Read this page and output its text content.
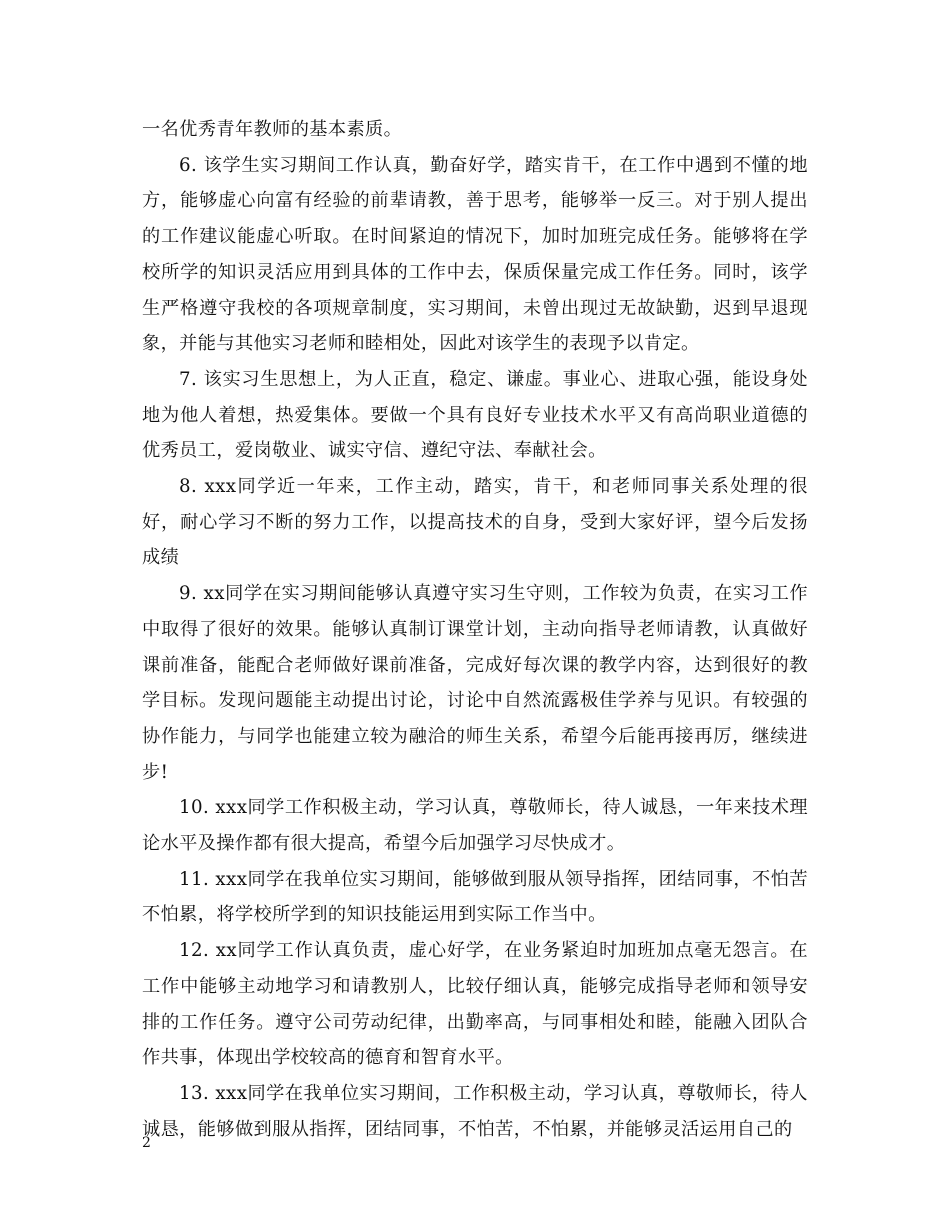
一名优秀青年教师的基本素质。

6. 该学生实习期间工作认真，勤奋好学，踏实肯干，在工作中遇到不懂的地方，能够虚心向富有经验的前辈请教，善于思考，能够举一反三。对于别人提出的工作建议能虚心听取。在时间紧迫的情况下，加时加班完成任务。能够将在学校所学的知识灵活应用到具体的工作中去，保质保量完成工作任务。同时，该学生严格遵守我校的各项规章制度，实习期间，未曾出现过无故缺勤，迟到早退现象，并能与其他实习老师和睦相处，因此对该学生的表现予以肯定。

7. 该实习生思想上，为人正直，稳定、谦虚。事业心、进取心强，能设身处地为他人着想，热爱集体。要做一个具有良好专业技术水平又有高尚职业道德的优秀员工，爱岗敬业、诚实守信、遵纪守法、奉献社会。

8. xxx同学近一年来，工作主动，踏实，肯干，和老师同事关系处理的很好，耐心学习不断的努力工作，以提高技术的自身，受到大家好评，望今后发扬成绩

9. xx同学在实习期间能够认真遵守实习生守则，工作较为负责，在实习工作中取得了很好的效果。能够认真制订课堂计划，主动向指导老师请教，认真做好课前准备，能配合老师做好课前准备，完成好每次课的教学内容，达到很好的教学目标。发现问题能主动提出讨论，讨论中自然流露极佳学养与见识。有较强的协作能力，与同学也能建立较为融洽的师生关系，希望今后能再接再厉，继续进步!

10. xxx同学工作积极主动，学习认真，尊敬师长，待人诚恳，一年来技术理论水平及操作都有很大提高，希望今后加强学习尽快成才。

11. xxx同学在我单位实习期间，能够做到服从领导指挥，团结同事，不怕苦不怕累，将学校所学到的知识技能运用到实际工作当中。

12. xx同学工作认真负责，虚心好学，在业务紧迫时加班加点毫无怨言。在工作中能够主动地学习和请教别人，比较仔细认真，能够完成指导老师和领导安排的工作任务。遵守公司劳动纪律，出勤率高，与同事相处和睦，能融入团队合作共事，体现出学校较高的德育和智育水平。

13. xxx同学在我单位实习期间，工作积极主动，学习认真，尊敬师长，待人诚恳，能够做到服从指挥，团结同事，不怕苦，不怕累，并能够灵活运用自己的

2
